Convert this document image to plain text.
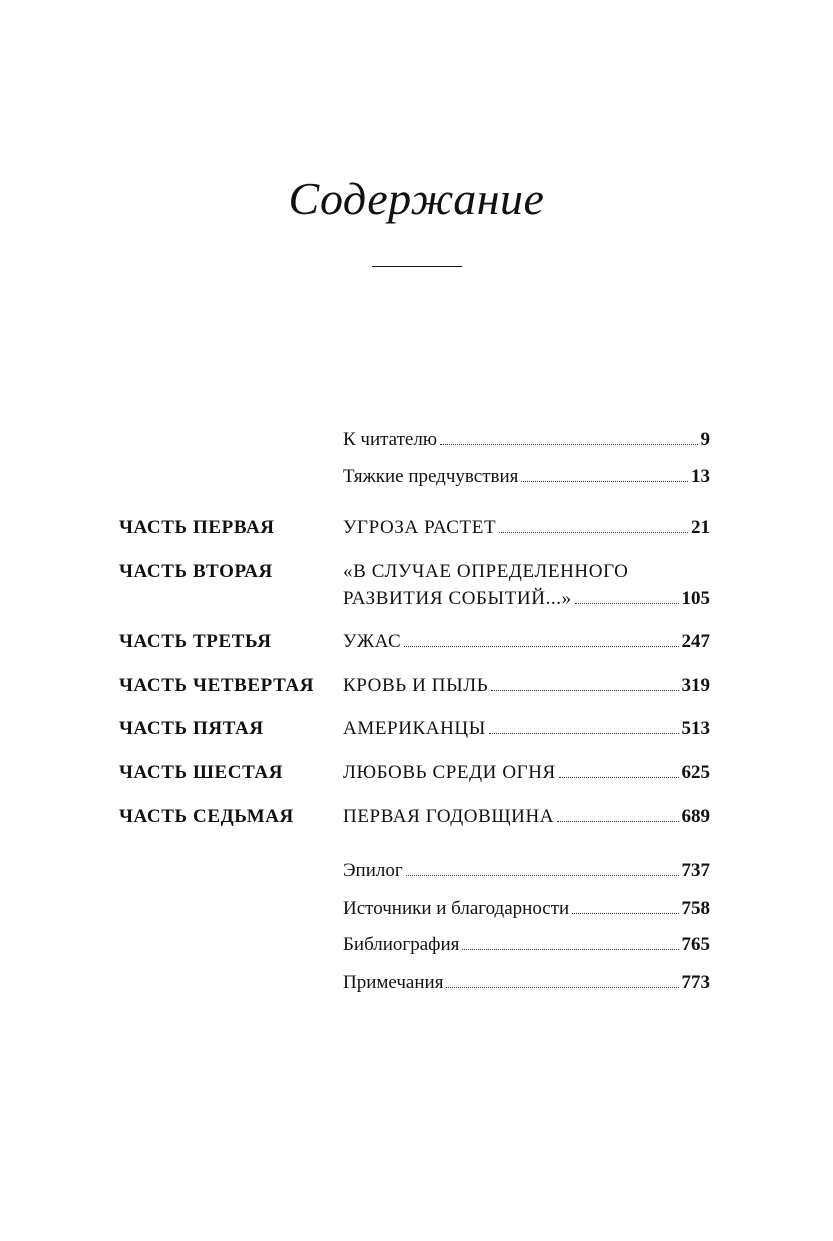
Содержание
К читателю	9
Тяжкие предчувствия	13
ЧАСТЬ ПЕРВАЯ	УГРОЗА РАСТЕТ	21
ЧАСТЬ ВТОРАЯ	«В СЛУЧАЕ ОПРЕДЕЛЕННОГО
РАЗВИТИЯ СОБЫТИЙ...»	105
ЧАСТЬ ТРЕТЬЯ	УЖАС	247
ЧАСТЬ ЧЕТВЕРТАЯ КРОВЬ И ПЫЛЬ	319
ЧАСТЬ ПЯТАЯ	АМЕРИКАНЦЫ	513
ЧАСТЬ ШЕСТАЯ	ЛЮБОВЬ СРЕДИ ОГНЯ	625
ЧАСТЬ СЕДЬМАЯ	ПЕРВАЯ ГОДОВЩИНА	689
Эпилог	737
Источники и благодарности	758
Библиография	765
Примечания	773
